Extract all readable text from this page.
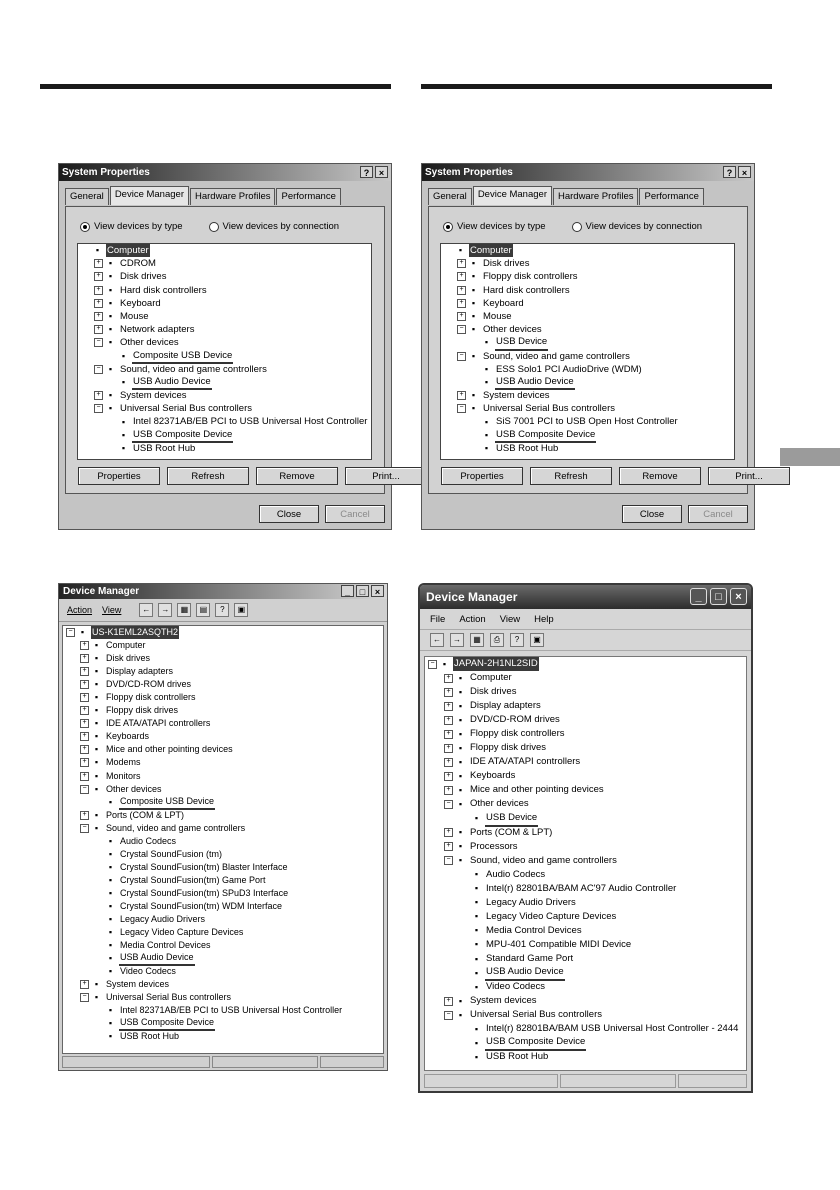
System Properties	?	×
General	Device Manager	Hardware Profiles	Performance
View devices by type	View devices by connection
▪ Computer
+ ▪ CDROM
+ ▪ Disk drives
+ ▪ Hard disk controllers
+ ▪ Keyboard
+ ▪ Mouse
+ ▪ Network adapters
− ▪ Other devices
▪ Composite USB Device
− ▪ Sound, video and game controllers
▪ USB Audio Device
+ ▪ System devices
− ▪ Universal Serial Bus controllers
▪ Intel 82371AB/EB PCI to USB Universal Host Controller
▪ USB Composite Device
▪ USB Root Hub
Properties	Refresh	Remove	Print...
Close	Cancel
System Properties	?	×
General	Device Manager	Hardware Profiles	Performance
View devices by type	View devices by connection
▪ Computer
+ ▪ Disk drives
+ ▪ Floppy disk controllers
+ ▪ Hard disk controllers
+ ▪ Keyboard
+ ▪ Mouse
− ▪ Other devices
▪ USB Device
− ▪ Sound, video and game controllers
▪ ESS Solo1 PCI AudioDrive (WDM)
▪ USB Audio Device
+ ▪ System devices
− ▪ Universal Serial Bus controllers
▪ SiS 7001 PCI to USB Open Host Controller
▪ USB Composite Device
▪ USB Root Hub
Properties	Refresh	Remove	Print...
Close	Cancel
Device Manager	_	□	×
Action View	←	→	▦	▤	?	▣
− ▪ US-K1EML2ASQTH2
+ ▪ Computer
+ ▪ Disk drives
+ ▪ Display adapters
+ ▪ DVD/CD-ROM drives
+ ▪ Floppy disk controllers
+ ▪ Floppy disk drives
+ ▪ IDE ATA/ATAPI controllers
+ ▪ Keyboards
+ ▪ Mice and other pointing devices
+ ▪ Modems
+ ▪ Monitors
− ▪ Other devices
▪ Composite USB Device
+ ▪ Ports (COM & LPT)
− ▪ Sound, video and game controllers
▪ Audio Codecs
▪ Crystal SoundFusion (tm)
▪ Crystal SoundFusion(tm) Blaster Interface
▪ Crystal SoundFusion(tm) Game Port
▪ Crystal SoundFusion(tm) SPuD3 Interface
▪ Crystal SoundFusion(tm) WDM Interface
▪ Legacy Audio Drivers
▪ Legacy Video Capture Devices
▪ Media Control Devices
▪ USB Audio Device
▪ Video Codecs
+ ▪ System devices
− ▪ Universal Serial Bus controllers
▪ Intel 82371AB/EB PCI to USB Universal Host Controller
▪ USB Composite Device
▪ USB Root Hub
Device Manager	_	□	×
File Action View Help
←	→	▦	⎙	?	▣
− ▪ JAPAN-2H1NL2SID
+ ▪ Computer
+ ▪ Disk drives
+ ▪ Display adapters
+ ▪ DVD/CD-ROM drives
+ ▪ Floppy disk controllers
+ ▪ Floppy disk drives
+ ▪ IDE ATA/ATAPI controllers
+ ▪ Keyboards
+ ▪ Mice and other pointing devices
− ▪ Other devices
▪ USB Device
+ ▪ Ports (COM & LPT)
+ ▪ Processors
− ▪ Sound, video and game controllers
▪ Audio Codecs
▪ Intel(r) 82801BA/BAM AC'97 Audio Controller
▪ Legacy Audio Drivers
▪ Legacy Video Capture Devices
▪ Media Control Devices
▪ MPU-401 Compatible MIDI Device
▪ Standard Game Port
▪ USB Audio Device
▪ Video Codecs
+ ▪ System devices
− ▪ Universal Serial Bus controllers
▪ Intel(r) 82801BA/BAM USB Universal Host Controller - 2444
▪ USB Composite Device
▪ USB Root Hub
